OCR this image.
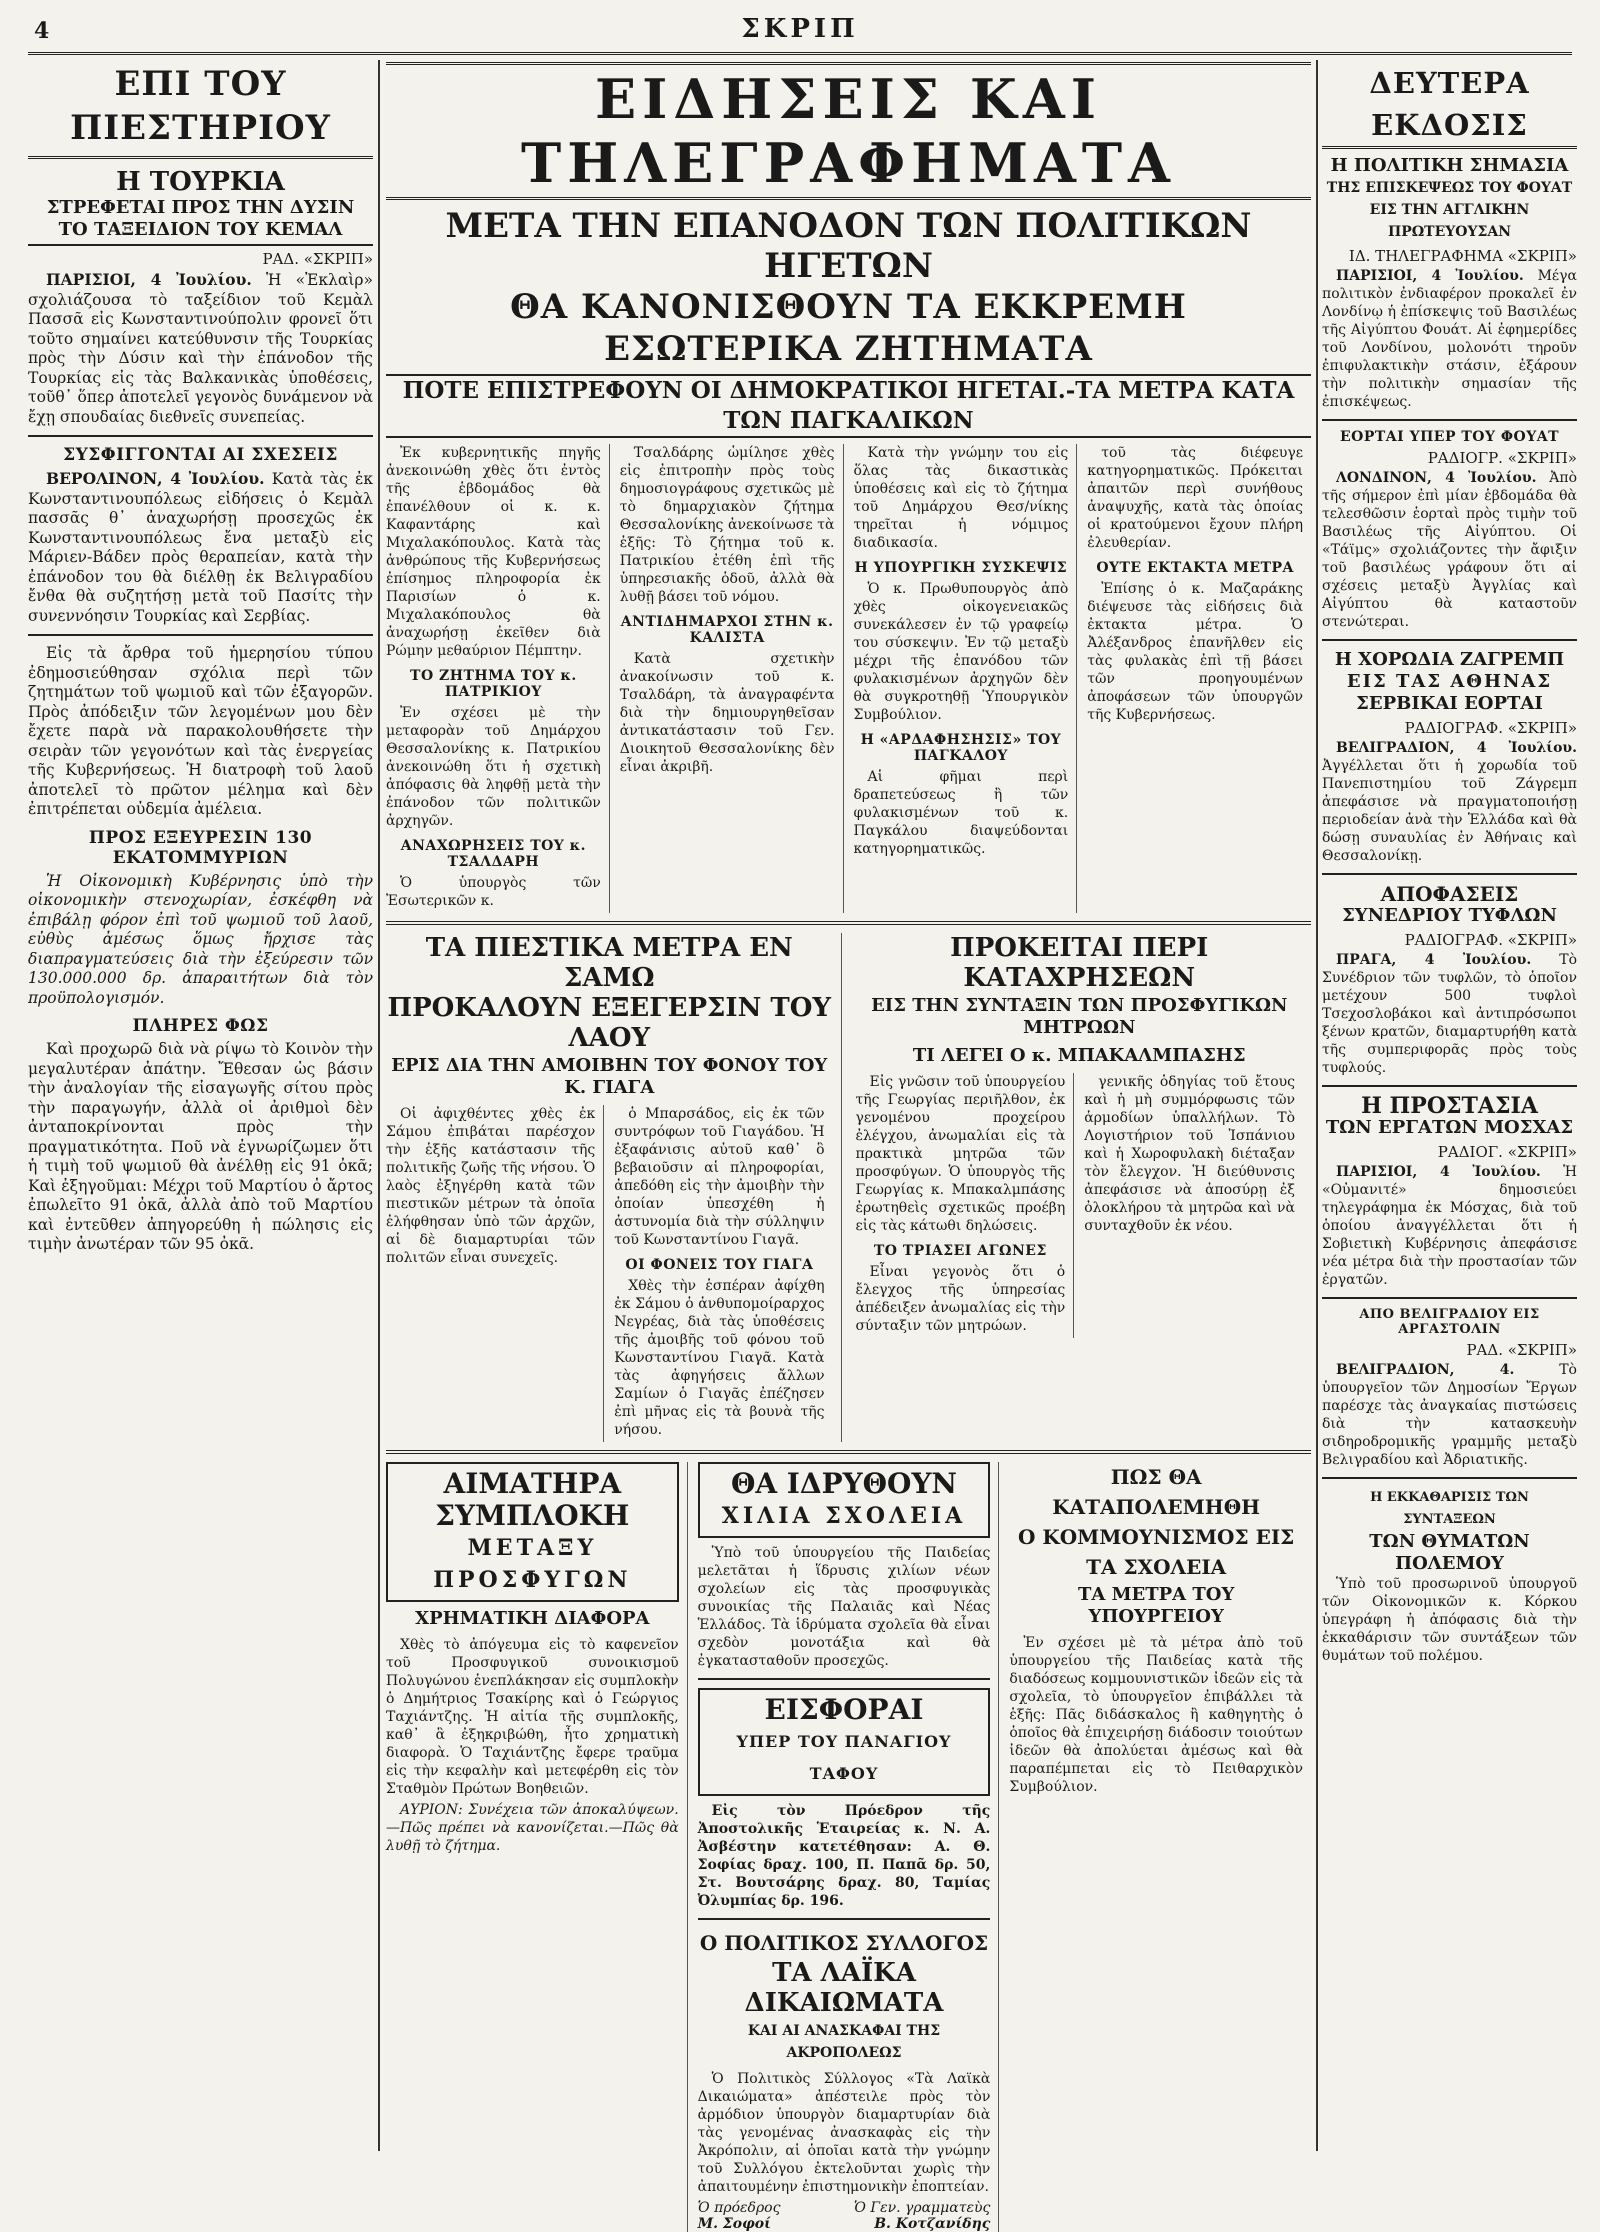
4	ΣΚΡΙΠ
ΕΠΙ ΤΟΥ ΠΙΕΣΤΗΡΙΟΥ
Η ΤΟΥΡΚΙΑ
ΣΤΡΕΦΕΤΑΙ ΠΡΟΣ ΤΗΝ ΔΥΣΙΝ
ΤΟ ΤΑΞΕΙΔΙΟΝ ΤΟΥ ΚΕΜΑΛ
ΡΑΔ. «ΣΚΡΙΠ»

ΠΑΡΙΣΙΟΙ, 4 Ἰουλίου. Ἡ «Ἐκλαὶρ» σχολιάζουσα τὸ ταξείδιον τοῦ Κεμὰλ Πασσᾶ εἰς Κωνσταντινούπολιν φρονεῖ ὅτι τοῦτο σημαίνει κατεύθυνσιν τῆς Τουρκίας πρὸς τὴν Δύσιν καὶ τὴν ἐπάνοδον τῆς Τουρκίας εἰς τὰς Βαλκανικὰς ὑποθέσεις, τοῦθ᾽ ὅπερ ἀποτελεῖ γεγονὸς δυνάμενον νὰ ἔχῃ σπουδαίας διεθνεῖς συνεπείας.

ΣΥΣΦΙΓΓΟΝΤΑΙ ΑΙ ΣΧΕΣΕΙΣ

ΒΕΡΟΛΙΝΟΝ, 4 Ἰουλίου. Κατὰ τὰς ἐκ Κωνσταντινουπόλεως εἰδήσεις ὁ Κεμὰλ πασσᾶς θ᾽ ἀναχωρήσῃ προσεχῶς ἐκ Κωνσταντινουπόλεως ἔνα μεταξὺ εἰς Μάριεν-Βάδεν πρὸς θεραπείαν, κατὰ τὴν ἐπάνοδον του θὰ διέλθῃ ἐκ Βελιγραδίου ἔνθα θὰ συζητήσῃ μετὰ τοῦ Πασίτς τὴν συνεννόησιν Τουρκίας καὶ Σερβίας.

Εἰς τὰ ἄρθρα τοῦ ἡμερησίου τύπου ἐδημοσιεύθησαν σχόλια περὶ τῶν ζητημάτων τοῦ ψωμιοῦ καὶ τῶν ἐξαγορῶν. Πρὸς ἀπόδειξιν τῶν λεγομένων μου δὲν ἔχετε παρὰ νὰ παρακολουθήσετε τὴν σειρὰν τῶν γεγονότων καὶ τὰς ἐνεργείας τῆς Κυβερνήσεως. Ἡ διατροφὴ τοῦ λαοῦ ἀποτελεῖ τὸ πρῶτον μέλημα καὶ δὲν ἐπιτρέπεται οὐδεμία ἀμέλεια.

ΠΡΟΣ ΕΞΕΥΡΕΣΙΝ 130 ΕΚΑΤΟΜΜΥΡΙΩΝ

Ἡ Οἰκονομικὴ Κυβέρνησις ὑπὸ τὴν οἰκονομικὴν στενοχωρίαν, ἐσκέφθη νὰ ἐπιβάλῃ φόρον ἐπὶ τοῦ ψωμιοῦ τοῦ λαοῦ, εὐθὺς ἀμέσως ὅμως ἤρχισε τὰς διαπραγματεύσεις διὰ τὴν ἐξεύρεσιν τῶν 130.000.000 δρ. ἀπαραιτήτων διὰ τὸν προϋπολογισμόν.

ΠΛΗΡΕΣ ΦΩΣ

Καὶ προχωρῶ διὰ νὰ ρίψω τὸ Κοινὸν τὴν μεγαλυτέραν ἀπάτην. Ἔθεσαν ὡς βάσιν τὴν ἀναλογίαν τῆς εἰσαγωγῆς σίτου πρὸς τὴν παραγωγήν, ἀλλὰ οἱ ἀριθμοὶ δὲν ἀνταποκρίνονται πρὸς τὴν πραγματικότητα. Ποῦ νὰ ἐγνωρίζωμεν ὅτι ἡ τιμὴ τοῦ ψωμιοῦ θὰ ἀνέλθῃ εἰς 91 ὀκᾶ; Καὶ ἐξηγοῦμαι: Μέχρι τοῦ Μαρτίου ὁ ἄρτος ἐπωλεῖτο 91 ὀκᾶ, ἀλλὰ ἀπὸ τοῦ Μαρτίου καὶ ἐντεῦθεν ἀπηγορεύθη ἡ πώλησις εἰς τιμὴν ἀνωτέραν τῶν 95 ὀκᾶ.

ΕΙΔΗΣΕΙΣ ΚΑΙ ΤΗΛΕΓΡΑΦΗΜΑΤΑ
ΜΕΤΑ ΤΗΝ ΕΠΑΝΟΔΟΝ ΤΩΝ ΠΟΛΙΤΙΚΩΝ ΗΓΕΤΩΝ
ΘΑ ΚΑΝΟΝΙΣΘΟΥΝ ΤΑ ΕΚΚΡΕΜΗ ΕΣΩΤΕΡΙΚΑ ΖΗΤΗΜΑΤΑ
ΠΟΤΕ ΕΠΙΣΤΡΕΦΟΥΝ ΟΙ ΔΗΜΟΚΡΑΤΙΚΟΙ ΗΓΕΤΑΙ.-ΤΑ ΜΕΤΡΑ ΚΑΤΑ ΤΩΝ ΠΑΓΚΑΛΙΚΩΝ

Ἐκ κυβερνητικῆς πηγῆς ἀνεκοινώθη χθὲς ὅτι ἐντὸς τῆς ἑβδομάδος θὰ ἐπανέλθουν οἱ κ. κ. Καφαντάρης καὶ Μιχαλακόπουλος. Κατὰ τὰς ἀνθρώπους τῆς Κυβερνήσεως ἐπίσημος πληροφορία ἐκ Παρισίων ὁ κ. Μιχαλακόπουλος θὰ ἀναχωρήσῃ ἐκεῖθεν διὰ Ρώμην μεθαύριον Πέμπτην.

ΤΟ ΖΗΤΗΜΑ ΤΟΥ κ. ΠΑΤΡΙΚΙΟΥ

Ἐν σχέσει μὲ τὴν μεταφορὰν τοῦ Δημάρχου Θεσσαλονίκης κ. Πατρικίου ἀνεκοινώθη ὅτι ἡ σχετικὴ ἀπόφασις θὰ ληφθῇ μετὰ τὴν ἐπάνοδον τῶν πολιτικῶν ἀρχηγῶν.

ΑΝΑΧΩΡΗΣΕΙΣ ΤΟΥ κ. ΤΣΑΛΔΑΡΗ

Ὁ ὑπουργὸς τῶν Ἐσωτερικῶν κ.

Τσαλδάρης ὡμίλησε χθὲς εἰς ἐπιτροπὴν πρὸς τοὺς δημοσιογράφους σχετικῶς μὲ τὸ δημαρχιακὸν ζήτημα Θεσσαλονίκης ἀνεκοίνωσε τὰ ἑξῆς: Τὸ ζήτημα τοῦ κ. Πατρικίου ἐτέθη ἐπὶ τῆς ὑπηρεσιακῆς ὁδοῦ, ἀλλὰ θὰ λυθῇ βάσει τοῦ νόμου.

ΑΝΤΙΔΗΜΑΡΧΟΙ ΣΤΗΝ κ. ΚΑΛΙΣΤΑ

Κατὰ σχετικὴν ἀνακοίνωσιν τοῦ κ. Τσαλδάρη, τὰ ἀναγραφέντα διὰ τὴν δημιουργηθεῖσαν ἀντικατάστασιν τοῦ Γεν. Διοικητοῦ Θεσσαλονίκης δὲν εἶναι ἀκριβῆ.

Κατὰ τὴν γνώμην του εἰς ὅλας τὰς δικαστικὰς ὑποθέσεις καὶ εἰς τὸ ζήτημα τοῦ Δημάρχου Θεσ/νίκης τηρεῖται ἡ νόμιμος διαδικασία.

Η ΥΠΟΥΡΓΙΚΗ ΣΥΣΚΕΨΙΣ

Ὁ κ. Πρωθυπουργὸς ἀπὸ χθὲς οἰκογενειακῶς συνεκάλεσεν ἐν τῷ γραφείῳ του σύσκεψιν. Ἐν τῷ μεταξὺ μέχρι τῆς ἐπανόδου τῶν φυλακισμένων ἀρχηγῶν δὲν θὰ συγκροτηθῇ Ὑπουργικὸν Συμβούλιον.

Η «ΑΡΔΑΦΗΣΗΣΙΣ» ΤΟΥ ΠΑΓΚΑΛΟΥ

Αἱ φῆμαι περὶ δραπετεύσεως ἢ τῶν φυλακισμένων τοῦ κ. Παγκάλου διαψεύδονται κατηγορηματικῶς.

τοῦ τὰς διέφευγε κατηγορηματικῶς. Πρόκειται ἀπαιτῶν περὶ συνήθους ἀναψυχῆς, κατὰ τὰς ὁποίας οἱ κρατούμενοι ἔχουν πλήρη ἐλευθερίαν.

ΟΥΤΕ ΕΚΤΑΚΤΑ ΜΕΤΡΑ

Ἐπίσης ὁ κ. Μαζαράκης διέψευσε τὰς εἰδήσεις διὰ ἐκτακτα μέτρα. Ὁ Ἀλέξανδρος ἐπανῆλθεν εἰς τὰς φυλακὰς ἐπὶ τῇ βάσει τῶν προηγουμένων ἀποφάσεων τῶν ὑπουργῶν τῆς Κυβερνήσεως.

ΤΑ ΠΙΕΣΤΙΚΑ ΜΕΤΡΑ ΕΝ ΣΑΜΩ
ΠΡΟΚΑΛΟΥΝ ΕΞΕΓΕΡΣΙΝ ΤΟΥ ΛΑΟΥ
ΕΡΙΣ ΔΙΑ ΤΗΝ ΑΜΟΙΒΗΝ ΤΟΥ ΦΟΝΟΥ ΤΟΥ Κ. ΓΙΑΓΑ

Οἱ ἀφιχθέντες χθὲς ἐκ Σάμου ἐπιβάται παρέσχον τὴν ἑξῆς κατάστασιν τῆς πολιτικῆς ζωῆς τῆς νήσου. Ὁ λαὸς ἐξηγέρθη κατὰ τῶν πιεστικῶν μέτρων τὰ ὁποῖα ἐλήφθησαν ὑπὸ τῶν ἀρχῶν, αἱ δὲ διαμαρτυρίαι τῶν πολιτῶν εἶναι συνεχεῖς.

ὁ Μπαρσάδος, εἰς ἐκ τῶν συντρόφων τοῦ Γιαγάδου. Ἡ ἐξαφάνισις αὐτοῦ καθ᾽ ὃ βεβαιοῦσιν αἱ πληροφορίαι, ἀπεδόθη εἰς τὴν ἀμοιβὴν τὴν ὁποίαν ὑπεσχέθη ἡ ἀστυνομία διὰ τὴν σύλληψιν τοῦ Κωνσταντίνου Γιαγᾶ.

ΟΙ ΦΟΝΕΙΣ ΤΟΥ ΓΙΑΓΑ

Χθὲς τὴν ἑσπέραν ἀφίχθη ἐκ Σάμου ὁ ἀνθυπομοίραρχος Νεγρέας, διὰ τὰς ὑποθέσεις τῆς ἀμοιβῆς τοῦ φόνου τοῦ Κωνσταντίνου Γιαγᾶ. Κατὰ τὰς ἀφηγήσεις ἄλλων Σαμίων ὁ Γιαγᾶς ἐπέζησεν ἐπὶ μῆνας εἰς τὰ βουνὰ τῆς νήσου.

ΠΡΟΚΕΙΤΑΙ ΠΕΡΙ ΚΑΤΑΧΡΗΣΕΩΝ
ΕΙΣ ΤΗΝ ΣΥΝΤΑΞΙΝ ΤΩΝ ΠΡΟΣΦΥΓΙΚΩΝ ΜΗΤΡΩΩΝ
ΤΙ ΛΕΓΕΙ Ο κ. ΜΠΑΚΑΛΜΠΑΣΗΣ

Εἰς γνῶσιν τοῦ ὑπουργείου τῆς Γεωργίας περιῆλθον, ἐκ γενομένου προχείρου ἐλέγχου, ἀνωμαλίαι εἰς τὰ πρακτικὰ μητρῶα τῶν προσφύγων. Ὁ ὑπουργὸς τῆς Γεωργίας κ. Μπακαλμπάσης ἐρωτηθεὶς σχετικῶς προέβη εἰς τὰς κάτωθι δηλώσεις.

ΤΟ ΤΡΙΑΣΕΙ ΑΓΩΝΕΣ

Εἶναι γεγονὸς ὅτι ὁ ἔλεγχος τῆς ὑπηρεσίας ἀπέδειξεν ἀνωμαλίας εἰς τὴν σύνταξιν τῶν μητρώων.

γενικῆς ὁδηγίας τοῦ ἔτους καὶ ἡ μὴ συμμόρφωσις τῶν ἁρμοδίων ὑπαλλήλων. Τὸ Λογιστήριον τοῦ Ἰσπάνιου καὶ ἡ Χωροφυλακὴ διέταξαν τὸν ἔλεγχον. Ἡ διεύθυνσις ἀπεφάσισε νὰ ἀποσύρῃ ἐξ ὀλοκλήρου τὰ μητρῶα καὶ νὰ συνταχθοῦν ἐκ νέου.

ΑΙΜΑΤΗΡΑ ΣΥΜΠΛΟΚΗ
ΜΕΤΑΞΥ ΠΡΟΣΦΥΓΩΝ
ΧΡΗΜΑΤΙΚΗ ΔΙΑΦΟΡΑ

Χθὲς τὸ ἀπόγευμα εἰς τὸ καφενεῖον τοῦ Προσφυγικοῦ συνοικισμοῦ Πολυγώνου ἐνεπλάκησαν εἰς συμπλοκὴν ὁ Δημήτριος Τσακίρης καὶ ὁ Γεώργιος Ταχιάντζης. Ἡ αἰτία τῆς συμπλοκῆς, καθ᾽ ἃ ἐξηκριβώθη, ἦτο χρηματικὴ διαφορὰ. Ὁ Ταχιάντζης ἔφερε τραῦμα εἰς τὴν κεφαλὴν καὶ μετεφέρθη εἰς τὸν Σταθμὸν Πρώτων Βοηθειῶν.

ΑΥΡΙΟΝ: Συνέχεια τῶν ἀποκαλύψεων.—Πῶς πρέπει νὰ κανονίζεται.—Πῶς θὰ λυθῇ τὸ ζήτημα.

ΘΑ ΙΔΡΥΘΟΥΝ
ΧΙΛΙΑ ΣΧΟΛΕΙΑ

Ὑπὸ τοῦ ὑπουργείου τῆς Παιδείας μελετᾶται ἡ ἵδρυσις χιλίων νέων σχολείων εἰς τὰς προσφυγικὰς συνοικίας τῆς Παλαιᾶς καὶ Νέας Ἑλλάδος. Τὰ ἱδρύματα σχολεῖα θὰ εἶναι σχεδὸν μονοτάξια καὶ θὰ ἐγκατασταθοῦν προσεχῶς.

ΕΙΣΦΟΡΑΙ
ΥΠΕΡ ΤΟΥ ΠΑΝΑΓΙΟΥ ΤΑΦΟΥ

Εἰς τὸν Πρόεδρον τῆς Ἀποστολικῆς Ἑταιρείας κ. Ν. Α. Ἀσβέστην κατετέθησαν: Α. Θ. Σοφίας δραχ. 100, Π. Παπᾶ δρ. 50, Στ. Βουτσάρης δραχ. 80, Ταμίας Ὀλυμπίας δρ. 196.

Ο ΠΟΛΙΤΙΚΟΣ ΣΥΛΛΟΓΟΣ
ΤΑ ΛΑΪΚΑ ΔΙΚΑΙΩΜΑΤΑ
ΚΑΙ ΑΙ ΑΝΑΣΚΑΦΑΙ ΤΗΣ ΑΚΡΟΠΟΛΕΩΣ

Ὁ Πολιτικὸς Σύλλογος «Τὰ Λαϊκὰ Δικαιώματα» ἀπέστειλε πρὸς τὸν ἀρμόδιον ὑπουργὸν διαμαρτυρίαν διὰ τὰς γενομένας ἀνασκαφὰς εἰς τὴν Ἀκρόπολιν, αἱ ὁποῖαι κατὰ τὴν γνώμην τοῦ Συλλόγου ἐκτελοῦνται χωρὶς τὴν ἀπαιτουμένην ἐπιστημονικὴν ἐποπτείαν.

Ὁ πρόεδρος
Μ. Σοφοί
Ὁ Γεν. γραμματεὺς
Β. Κοτζανίδης
ΠΩΣ ΘΑ ΚΑΤΑΠΟΛΕΜΗΘΗ
Ο ΚΟΜΜΟΥΝΙΣΜΟΣ ΕΙΣ ΤΑ ΣΧΟΛΕΙΑ
ΤΑ ΜΕΤΡΑ ΤΟΥ ΥΠΟΥΡΓΕΙΟΥ

Ἐν σχέσει μὲ τὰ μέτρα ἀπὸ τοῦ ὑπουργείου τῆς Παιδείας κατὰ τῆς διαδόσεως κομμουνιστικῶν ἰδεῶν εἰς τὰ σχολεῖα, τὸ ὑπουργεῖον ἐπιβάλλει τὰ ἑξῆς: Πᾶς διδάσκαλος ἢ καθηγητὴς ὁ ὁποῖος θὰ ἐπιχειρήσῃ διάδοσιν τοιούτων ἰδεῶν θὰ ἀπολύεται ἀμέσως καὶ θὰ παραπέμπεται εἰς τὸ Πειθαρχικὸν Συμβούλιον.

ΔΕΥΤΕΡΑ ΕΚΔΟΣΙΣ
Η ΠΟΛΙΤΙΚΗ ΣΗΜΑΣΙΑ
ΤΗΣ ΕΠΙΣΚΕΨΕΩΣ ΤΟΥ ΦΟΥΑΤ
ΕΙΣ ΤΗΝ ΑΓΓΛΙΚΗΝ ΠΡΩΤΕΥΟΥΣΑΝ
ΙΔ. ΤΗΛΕΓΡΑΦΗΜΑ «ΣΚΡΙΠ»

ΠΑΡΙΣΙΟΙ, 4 Ἰουλίου. Μέγα πολιτικὸν ἐνδιαφέρον προκαλεῖ ἐν Λονδίνῳ ἡ ἐπίσκεψις τοῦ Βασιλέως τῆς Αἰγύπτου Φουάτ. Αἱ ἐφημερίδες τοῦ Λονδίνου, μολονότι τηροῦν ἐπιφυλακτικὴν στάσιν, ἐξάρουν τὴν πολιτικὴν σημασίαν τῆς ἐπισκέψεως.

ΕΟΡΤΑΙ ΥΠΕΡ ΤΟΥ ΦΟΥΑΤ
ΡΑΔΙΟΓΡ. «ΣΚΡΙΠ»

ΛΟΝΔΙΝΟΝ, 4 Ἰουλίου. Ἀπὸ τῆς σήμερον ἐπὶ μίαν ἑβδομάδα θὰ τελεσθῶσιν ἑορταὶ πρὸς τιμὴν τοῦ Βασιλέως τῆς Αἰγύπτου. Οἱ «Τάϊμς» σχολιάζοντες τὴν ἄφιξιν τοῦ βασιλέως γράφουν ὅτι αἱ σχέσεις μεταξὺ Ἀγγλίας καὶ Αἰγύπτου θὰ καταστοῦν στενώτεραι.

Η ΧΟΡΩΔΙΑ ΖΑΓΡΕΜΠ
ΕΙΣ ΤΑΣ ΑΘΗΝΑΣ
ΣΕΡΒΙΚΑΙ ΕΟΡΤΑΙ
ΡΑΔΙΟΓΡΑΦ. «ΣΚΡΙΠ»

ΒΕΛΙΓΡΑΔΙΟΝ, 4 Ἰουλίου. Ἀγγέλλεται ὅτι ἡ χορωδία τοῦ Πανεπιστημίου τοῦ Ζάγρεμπ ἀπεφάσισε νὰ πραγματοποιήσῃ περιοδείαν ἀνὰ τὴν Ἑλλάδα καὶ θὰ δώσῃ συναυλίας ἐν Ἀθήναις καὶ Θεσσαλονίκῃ.

ΑΠΟΦΑΣΕΙΣ
ΣΥΝΕΔΡΙΟΥ ΤΥΦΛΩΝ
ΡΑΔΙΟΓΡΑΦ. «ΣΚΡΙΠ»

ΠΡΑΓΑ, 4 Ἰουλίου. Τὸ Συνέδριον τῶν τυφλῶν, τὸ ὁποῖον μετέχουν 500 τυφλοὶ Τσεχοσλοβάκοι καὶ ἀντιπρόσωποι ξένων κρατῶν, διαμαρτυρήθη κατὰ τῆς συμπεριφορᾶς πρὸς τοὺς τυφλούς.

Η ΠΡΟΣΤΑΣΙΑ
ΤΩΝ ΕΡΓΑΤΩΝ ΜΟΣΧΑΣ
ΡΑΔΙΟΓ. «ΣΚΡΙΠ»

ΠΑΡΙΣΙΟΙ, 4 Ἰουλίου. Ἡ «Οὐμανιτέ» δημοσιεύει τηλεγράφημα ἐκ Μόσχας, διὰ τοῦ ὁποίου ἀναγγέλλεται ὅτι ἡ Σοβιετικὴ Κυβέρνησις ἀπεφάσισε νέα μέτρα διὰ τὴν προστασίαν τῶν ἐργατῶν.

ΑΠΟ ΒΕΛΙΓΡΑΔΙΟΥ ΕΙΣ ΑΡΓΑΣΤΟΛΙΝ
ΡΑΔ. «ΣΚΡΙΠ»

ΒΕΛΙΓΡΑΔΙΟΝ, 4.	Τὸ ὑπουργεῖον τῶν Δημοσίων Ἔργων παρέσχε τὰς ἀναγκαίας πιστώσεις διὰ τὴν κατασκευὴν σιδηροδρομικῆς γραμμῆς μεταξὺ Βελιγραδίου καὶ Ἀδριατικῆς.

Η ΕΚΚΑΘΑΡΙΣΙΣ ΤΩΝ ΣΥΝΤΑΞΕΩΝ
ΤΩΝ ΘΥΜΑΤΩΝ ΠΟΛΕΜΟΥ

Ὑπὸ τοῦ προσωρινοῦ ὑπουργοῦ τῶν Οἰκονομικῶν κ. Κόρκου ὑπεγράφη ἡ ἀπόφασις διὰ τὴν ἐκκαθάρισιν τῶν συντάξεων τῶν θυμάτων τοῦ πολέμου.
